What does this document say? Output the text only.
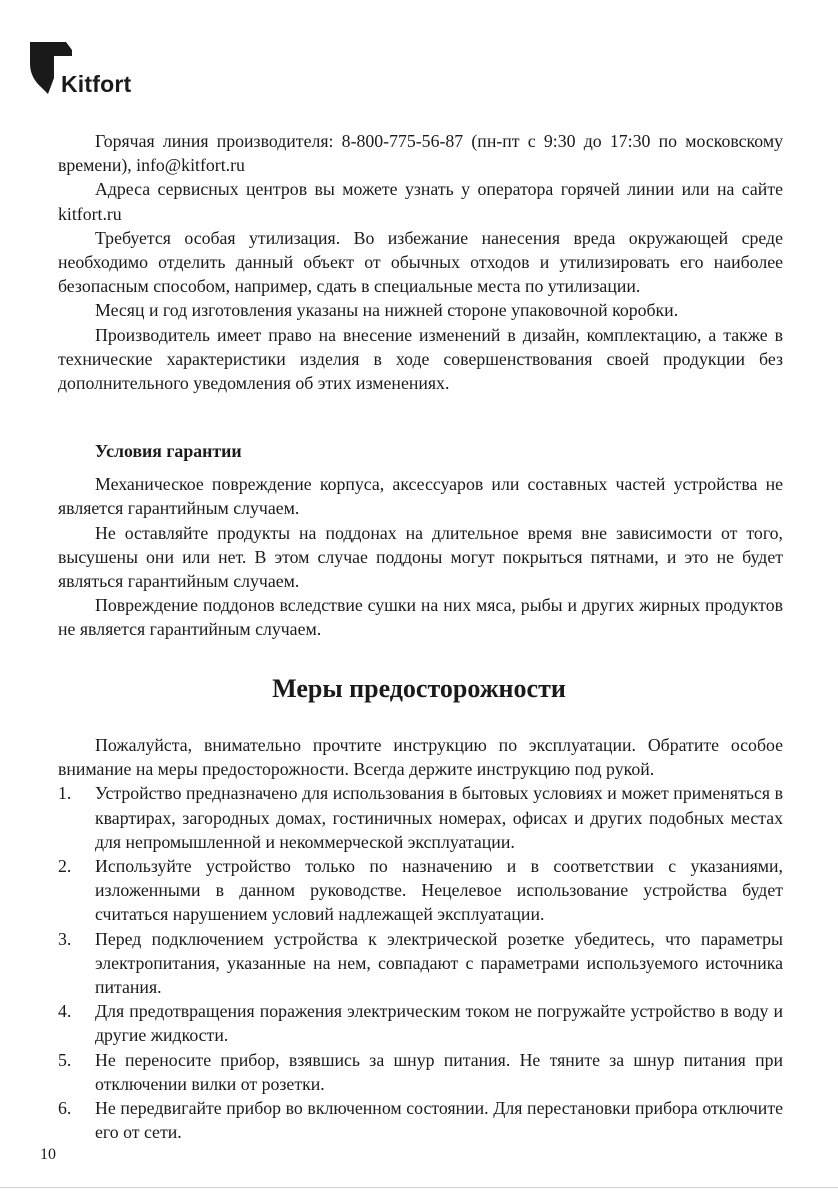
Kitfort

Горячая линия производителя: 8-800-775-56-87 (пн-пт с 9:30 до 17:30 по московскому времени), info@kitfort.ru

Адреса сервисных центров вы можете узнать у оператора горячей линии или на сайте kitfort.ru

Требуется особая утилизация. Во избежание нанесения вреда окружающей среде необходимо отделить данный объект от обычных отходов и утилизировать его наиболее безопасным способом, например, сдать в специальные места по утилизации.

Месяц и год изготовления указаны на нижней стороне упаковочной коробки.

Производитель имеет право на внесение изменений в дизайн, комплектацию, а также в технические характеристики изделия в ходе совершенствования своей продукции без дополнительного уведомления об этих изменениях.

Условия гарантии

Механическое повреждение корпуса, аксессуаров или составных частей устройства не является гарантийным случаем.

Не оставляйте продукты на поддонах на длительное время вне зависимости от того, высушены они или нет. В этом случае поддоны могут покрыться пятнами, и это не будет являться гарантийным случаем.

Повреждение поддонов вследствие сушки на них мяса, рыбы и других жирных продуктов не является гарантийным случаем.

Меры предосторожности

Пожалуйста, внимательно прочтите инструкцию по эксплуатации. Обратите особое внимание на меры предосторожности. Всегда держите инструкцию под рукой.

1. Устройство предназначено для использования в бытовых условиях и может применяться в квартирах, загородных домах, гостиничных номерах, офисах и других подобных местах для непромышленной и некоммерческой эксплуатации.
2. Используйте устройство только по назначению и в соответствии с указаниями, изложенными в данном руководстве. Нецелевое использование устройства будет считаться нарушением условий надлежащей эксплуатации.
3. Перед подключением устройства к электрической розетке убедитесь, что параметры электропитания, указанные на нем, совпадают с параметрами используемого источника питания.
4. Для предотвращения поражения электрическим током не погружайте устройство в воду и другие жидкости.
5. Не переносите прибор, взявшись за шнур питания. Не тяните за шнур питания при отключении вилки от розетки.
6. Не передвигайте прибор во включенном состоянии. Для перестановки прибора отключите его от сети.
10
